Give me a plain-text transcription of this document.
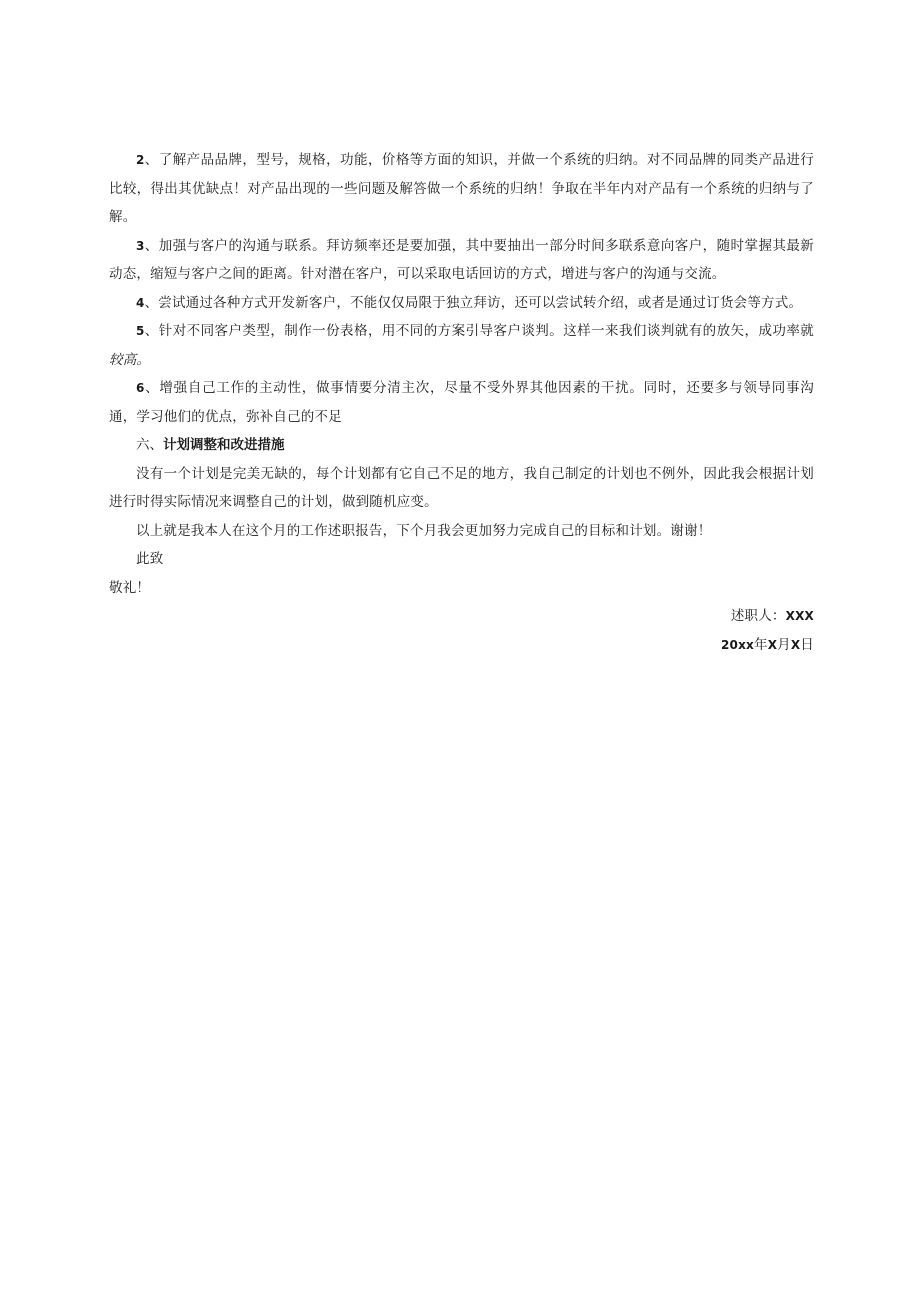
2、了解产品品牌，型号，规格，功能，价格等方面的知识，并做一个系统的归纳。对不同品牌的同类产品进行比较，得出其优缺点！对产品出现的一些问题及解答做一个系统的归纳！争取在半年内对产品有一个系统的归纳与了解。

3、加强与客户的沟通与联系。拜访频率还是要加强，其中要抽出一部分时间多联系意向客户，随时掌握其最新动态，缩短与客户之间的距离。针对潜在客户，可以采取电话回访的方式，增进与客户的沟通与交流。

4、尝试通过各种方式开发新客户，不能仅仅局限于独立拜访，还可以尝试转介绍，或者是通过订货会等方式。

5、针对不同客户类型，制作一份表格，用不同的方案引导客户谈判。这样一来我们谈判就有的放矢，成功率就较高。

6、增强自己工作的主动性，做事情要分清主次，尽量不受外界其他因素的干扰。同时，还要多与领导同事沟通，学习他们的优点，弥补自己的不足

六、计划调整和改进措施

没有一个计划是完美无缺的，每个计划都有它自己不足的地方，我自己制定的计划也不例外，因此我会根据计划进行时得实际情况来调整自己的计划，做到随机应变。

以上就是我本人在这个月的工作述职报告，下个月我会更加努力完成自己的目标和计划。谢谢！

此致

敬礼！

述职人：XXX

20xx年X月X日
